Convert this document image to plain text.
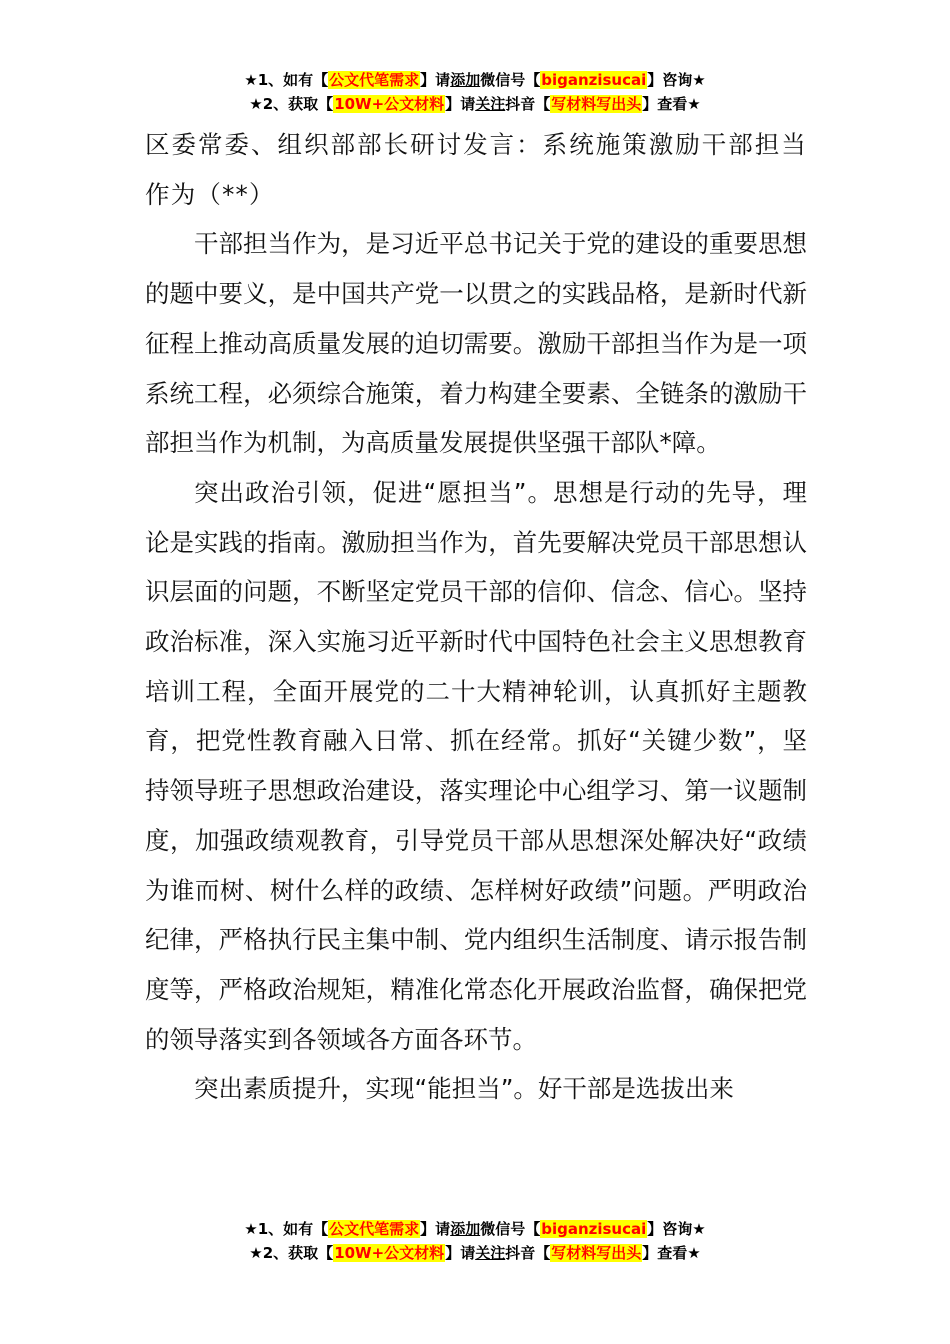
★1、如有【公文代笔需求】请添加微信号【biganzisucai】咨询★
★2、获取【10W+公文材料】请关注抖音【写材料写出头】查看★

区委常委、组织部部长研讨发言：系统施策激励干部担当作为（**）

干部担当作为，是习近平总书记关于党的建设的重要思想的题中要义，是中国共产党一以贯之的实践品格，是新时代新征程上推动高质量发展的迫切需要。激励干部担当作为是一项系统工程，必须综合施策，着力构建全要素、全链条的激励干部担当作为机制，为高质量发展提供坚强干部队*障。

突出政治引领，促进“愿担当”。思想是行动的先导，理论是实践的指南。激励担当作为，首先要解决党员干部思想认识层面的问题，不断坚定党员干部的信仰、信念、信心。坚持政治标准，深入实施习近平新时代中国特色社会主义思想教育培训工程，全面开展党的二十大精神轮训，认真抓好主题教育，把党性教育融入日常、抓在经常。抓好“关键少数”，坚持领导班子思想政治建设，落实理论中心组学习、第一议题制度，加强政绩观教育，引导党员干部从思想深处解决好“政绩为谁而树、树什么样的政绩、怎样树好政绩”问题。严明政治纪律，严格执行民主集中制、党内组织生活制度、请示报告制度等，严格政治规矩，精准化常态化开展政治监督，确保把党的领导落实到各领域各方面各环节。

突出素质提升，实现“能担当”。好干部是选拔出来

★1、如有【公文代笔需求】请添加微信号【biganzisucai】咨询★
★2、获取【10W+公文材料】请关注抖音【写材料写出头】查看★
